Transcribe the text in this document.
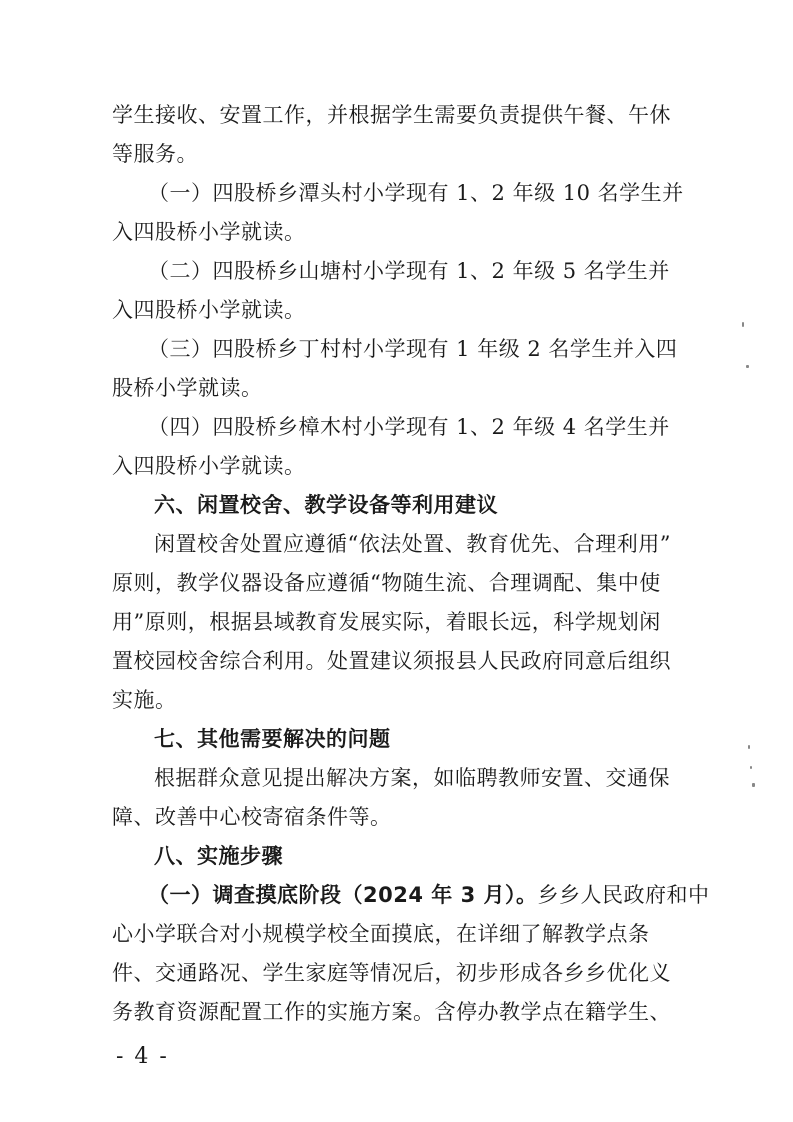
学生接收、安置工作，并根据学生需要负责提供午餐、午休
等服务。
（一）四股桥乡潭头村小学现有 1、2 年级 10 名学生并
入四股桥小学就读。
（二）四股桥乡山塘村小学现有 1、2 年级 5 名学生并
入四股桥小学就读。
（三）四股桥乡丁村村小学现有 1 年级 2 名学生并入四
股桥小学就读。
（四）四股桥乡樟木村小学现有 1、2 年级 4 名学生并
入四股桥小学就读。
六、闲置校舍、教学设备等利用建议
闲置校舍处置应遵循“依法处置、教育优先、合理利用”
原则，教学仪器设备应遵循“物随生流、合理调配、集中使
用”原则，根据县域教育发展实际，着眼长远，科学规划闲
置校园校舍综合利用。处置建议须报县人民政府同意后组织
实施。
七、其他需要解决的问题
根据群众意见提出解决方案，如临聘教师安置、交通保
障、改善中心校寄宿条件等。
八、实施步骤
（一）调查摸底阶段（2024 年 3 月）。乡乡人民政府和中
心小学联合对小规模学校全面摸底，在详细了解教学点条
件、交通路况、学生家庭等情况后，初步形成各乡乡优化义
务教育资源配置工作的实施方案。含停办教学点在籍学生、
- 4 -
